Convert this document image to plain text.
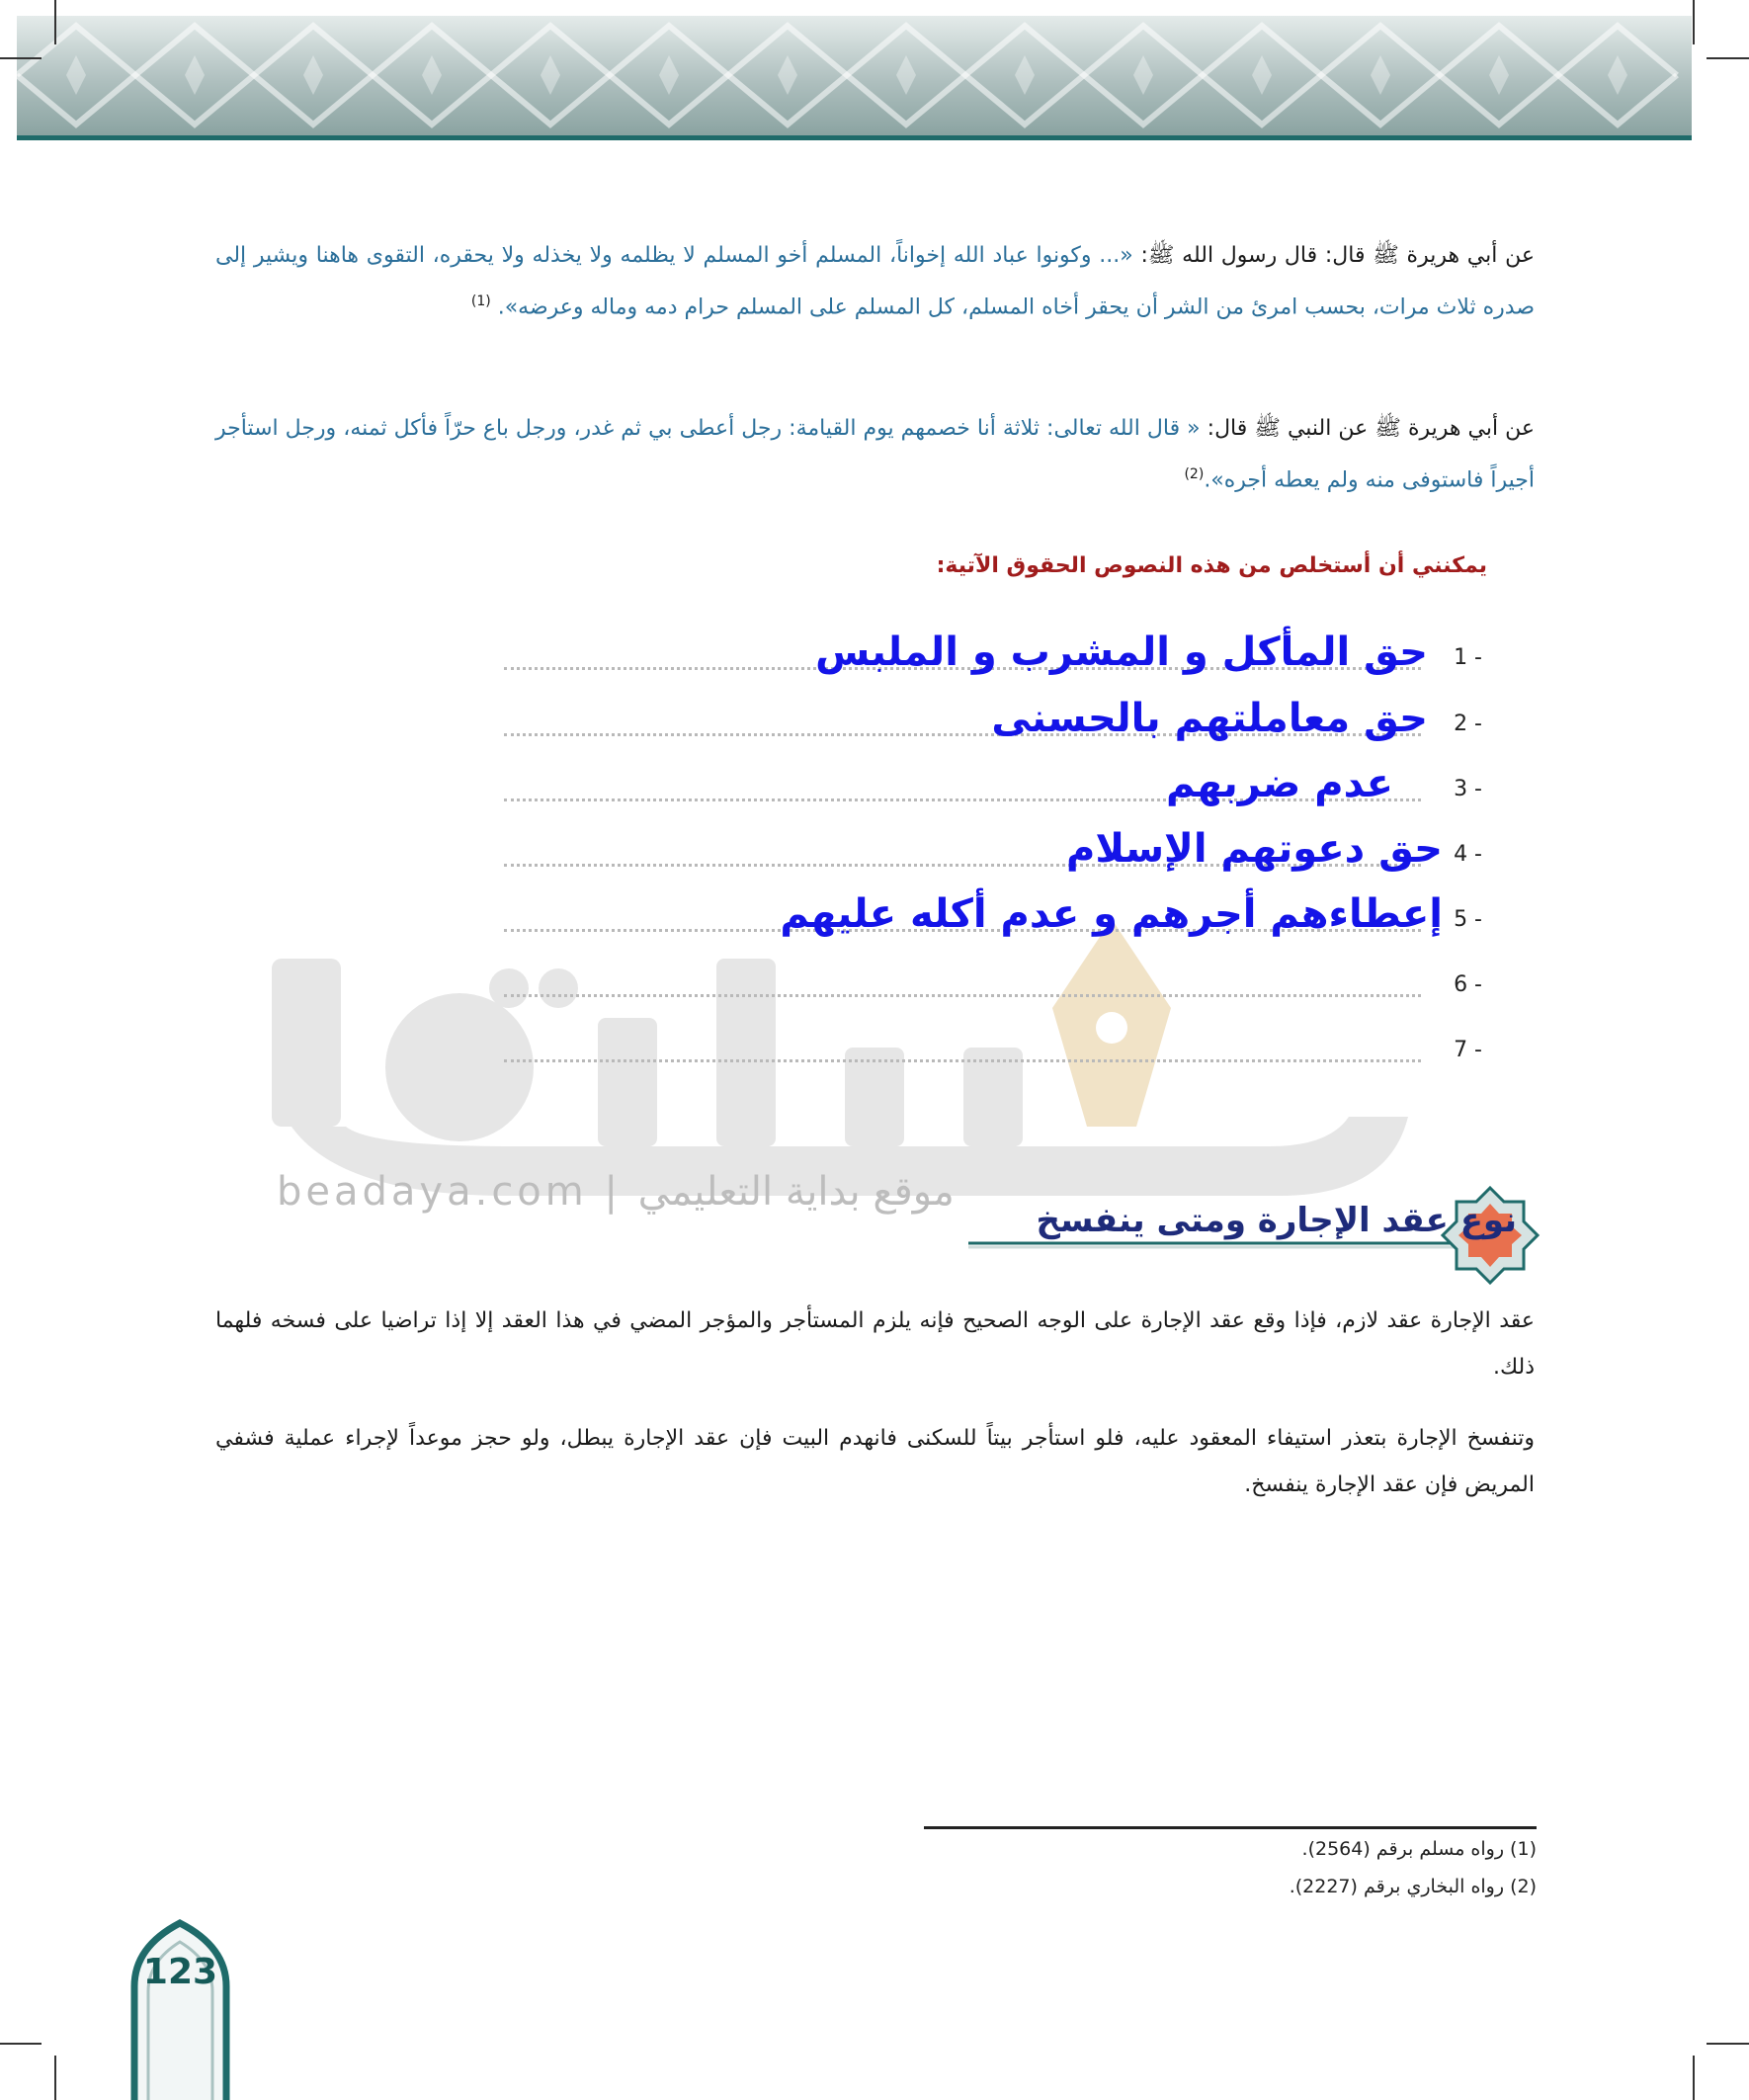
beadaya.com | موقع بداية التعليمي
عن أبي هريرة ﷺ قال: قال رسول الله ﷺ: «... وكونوا عباد الله إخواناً، المسلم أخو المسلم لا يظلمه ولا يخذله ولا يحقره، التقوى هاهنا ويشير إلى صدره ثلاث مرات، بحسب امرئ من الشر أن يحقر أخاه المسلم، كل المسلم على المسلم حرام دمه وماله وعرضه». $^{(1)}$
عن أبي هريرة ﷺ عن النبي ﷺ قال: « قال الله تعالى: ثلاثة أنا خصمهم يوم القيامة: رجل أعطى بي ثم غدر، ورجل باع حرّاً فأكل ثمنه، ورجل استأجر أجيراً فاستوفى منه ولم يعطه أجره».$^{(2)}$
يمكنني أن أستخلص من هذه النصوص الحقوق الآتية:
1 -
حق المأكل و المشرب و الملبس
2 -
حق معاملتهم بالحسنى
3 -
عدم ضربهم
4 -
حق دعوتهم الإسلام
5 -
إعطاءهم أجرهم و عدم أكله عليهم
6 -
7 -
نوع عقد الإجارة ومتى ينفسخ
عقد الإجارة عقد لازم، فإذا وقع عقد الإجارة على الوجه الصحيح فإنه يلزم المستأجر والمؤجر المضي في هذا العقد إلا إذا تراضيا على فسخه فلهما ذلك.
وتنفسخ الإجارة بتعذر استيفاء المعقود عليه، فلو استأجر بيتاً للسكنى فانهدم البيت فإن عقد الإجارة يبطل، ولو حجز موعداً لإجراء عملية فشفي المريض فإن عقد الإجارة ينفسخ.
(1) رواه مسلم برقم (2564).
(2) رواه البخاري برقم (2227).
123
